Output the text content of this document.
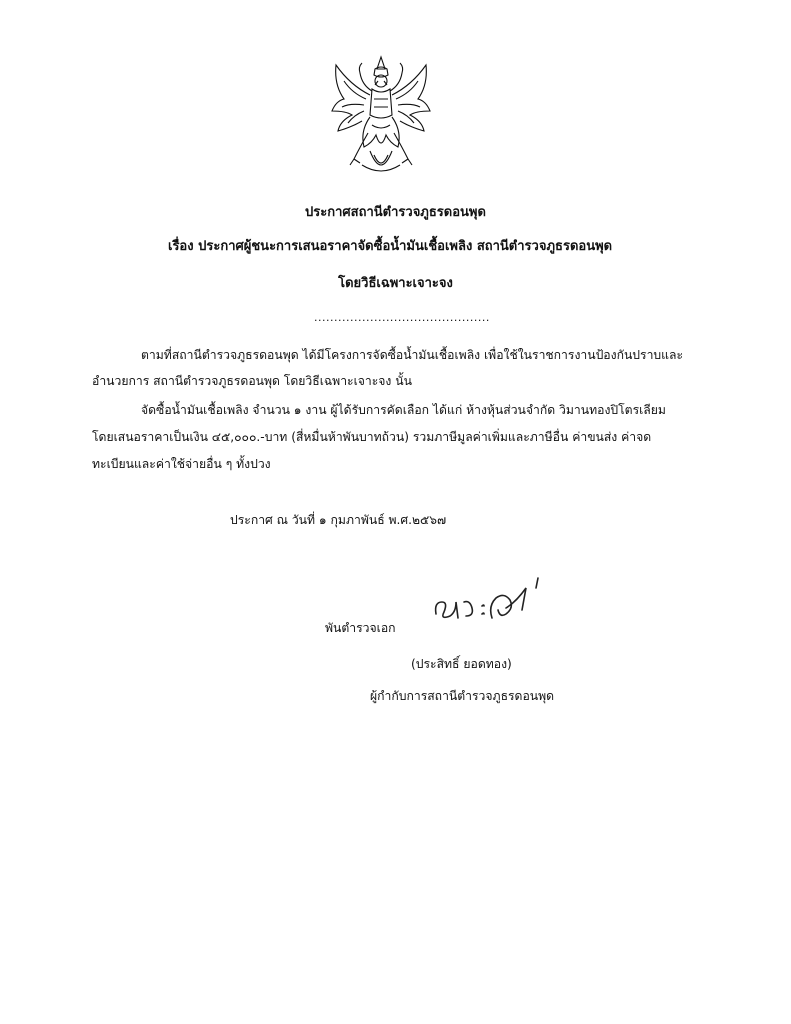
ประกาศสถานีตำรวจภูธรดอนพุด
เรื่อง ประกาศผู้ชนะการเสนอราคาจัดซื้อน้ำมันเชื้อเพลิง สถานีตำรวจภูธรดอนพุด
โดยวิธีเฉพาะเจาะจง
............................................
ตามที่สถานีตำรวจภูธรดอนพุด ได้มีโครงการจัดซื้อน้ำมันเชื้อเพลิง เพื่อใช้ในราชการงานป้องกันปราบและ
อำนวยการ สถานีตำรวจภูธรดอนพุด โดยวิธีเฉพาะเจาะจง นั้น
จัดซื้อน้ำมันเชื้อเพลิง จำนวน ๑ งาน ผู้ได้รับการคัดเลือก ได้แก่ ห้างหุ้นส่วนจำกัด วิมานทองปิโตรเลียม
โดยเสนอราคาเป็นเงิน ๔๕,๐๐๐.-บาท (สี่หมื่นห้าพันบาทถ้วน) รวมภาษีมูลค่าเพิ่มและภาษีอื่น ค่าขนส่ง ค่าจด
ทะเบียนและค่าใช้จ่ายอื่น ๆ ทั้งปวง
ประกาศ ณ วันที่ ๑ กุมภาพันธ์ พ.ศ.๒๕๖๗
พันตำรวจเอก
(ประสิทธิ์ ยอดทอง)
ผู้กำกับการสถานีตำรวจภูธรดอนพุด
